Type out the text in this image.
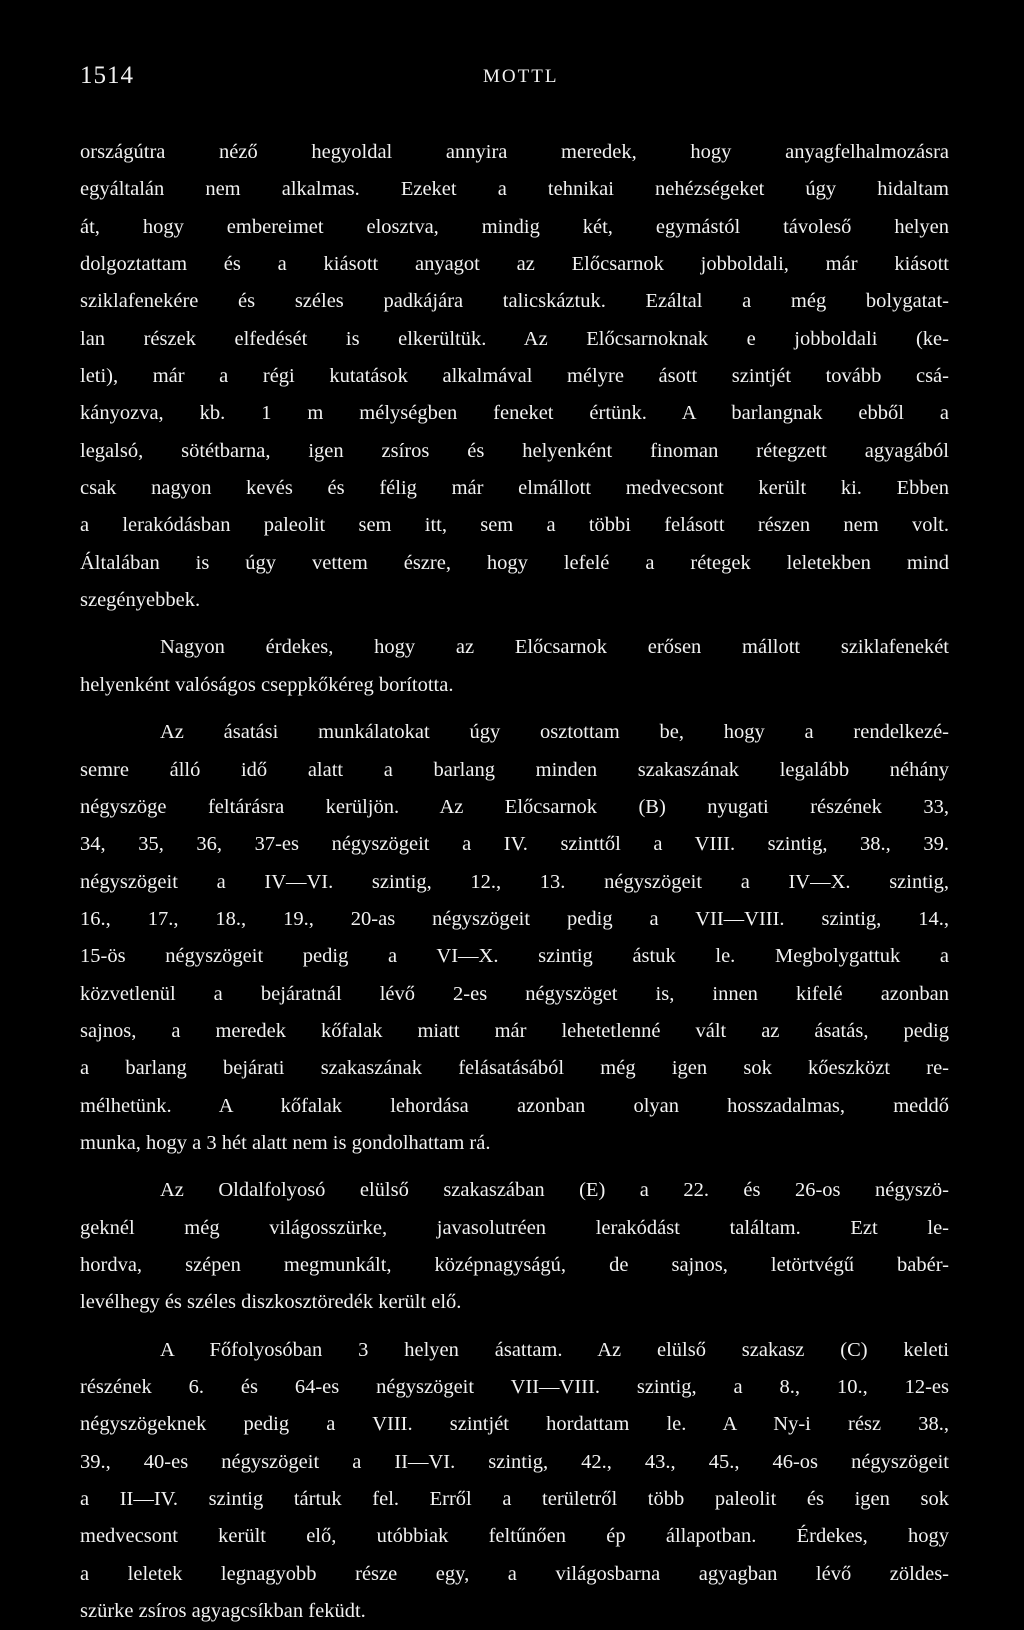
1514	MOTTL
országútra néző hegyoldal annyira meredek, hogy anyagfelhalmozásra
egyáltalán nem alkalmas. Ezeket a tehnikai nehézségeket úgy hidaltam
át, hogy embereimet elosztva, mindig két, egymástól távoleső helyen
dolgoztattam és a kiásott anyagot az Előcsarnok jobboldali, már kiásott
sziklafenekére és széles padkájára talicskáztuk. Ezáltal a még bolygatat-
lan részek elfedését is elkerültük. Az Előcsarnoknak e jobboldali (ke-
leti), már a régi kutatások alkalmával mélyre ásott szintjét tovább csá-
kányozva, kb. 1 m mélységben feneket értünk. A barlangnak ebből a
legalsó, sötétbarna, igen zsíros és helyenként finoman rétegzett agyagából
csak nagyon kevés és félig már elmállott medvecsont került ki. Ebben
a lerakódásban paleolit sem itt, sem a többi felásott részen nem volt.
Általában is úgy vettem észre, hogy lefelé a rétegek leletekben mind
szegényebbek.
Nagyon érdekes, hogy az Előcsarnok erősen mállott sziklafenekét
helyenként valóságos cseppkőkéreg borította.
Az ásatási munkálatokat úgy osztottam be, hogy a rendelkezé-
semre álló idő alatt a barlang minden szakaszának legalább néhány
négyszöge feltárásra kerüljön. Az Előcsarnok (B) nyugati részének 33,
34, 35, 36, 37-es négyszögeit a IV. szinttől a VIII. szintig, 38., 39.
négyszögeit a IV—VI. szintig, 12., 13. négyszögeit a IV—X. szintig,
16., 17., 18., 19., 20-as négyszögeit pedig a VII—VIII. szintig, 14.,
15-ös négyszögeit pedig a VI—X. szintig ástuk le. Megbolygattuk a
közvetlenül a bejáratnál lévő 2-es négyszöget is, innen kifelé azonban
sajnos, a meredek kőfalak miatt már lehetetlenné vált az ásatás, pedig
a barlang bejárati szakaszának felásatásából még igen sok kőeszközt re-
mélhetünk. A kőfalak lehordása azonban olyan hosszadalmas, meddő
munka, hogy a 3 hét alatt nem is gondolhattam rá.
Az Oldalfolyosó elülső szakaszában (E) a 22. és 26-os négyszö-
geknél még világosszürke, javasolutréen lerakódást találtam. Ezt le-
hordva, szépen megmunkált, középnagyságú, de sajnos, letörtvégű babér-
levélhegy és széles diszkosztöredék került elő.
A Főfolyosóban 3 helyen ásattam. Az elülső szakasz (C) keleti
részének 6. és 64-es négyszögeit VII—VIII. szintig, a 8., 10., 12-es
négyszögeknek pedig a VIII. szintjét hordattam le. A Ny-i rész 38.,
39., 40-es négyszögeit a II—VI. szintig, 42., 43., 45., 46-os négyszögeit
a II—IV. szintig tártuk fel. Erről a területről több paleolit és igen sok
medvecsont került elő, utóbbiak feltűnően ép állapotban. Érdekes, hogy
a leletek legnagyobb része egy, a világosbarna agyagban lévő zöldes-
szürke zsíros agyagcsíkban feküdt.
